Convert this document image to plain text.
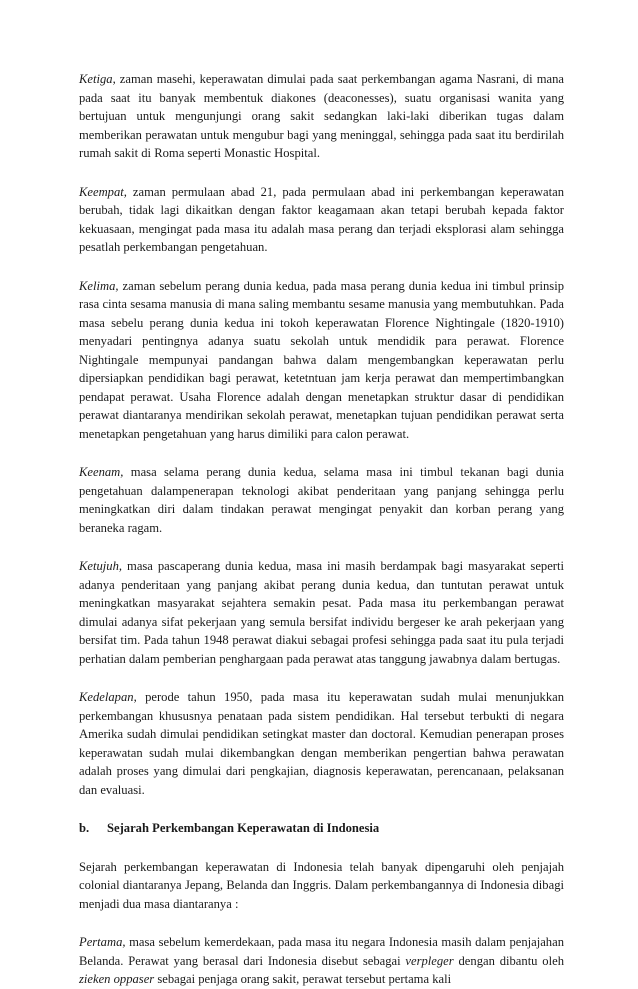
Ketiga, zaman masehi, keperawatan dimulai pada saat perkembangan agama Nasrani, di mana pada saat itu banyak membentuk diakones (deaconesses), suatu organisasi wanita yang bertujuan untuk mengunjungi orang sakit sedangkan laki-laki diberikan tugas dalam memberikan perawatan untuk mengubur bagi yang meninggal, sehingga pada saat itu berdirilah rumah sakit di Roma seperti Monastic Hospital.

Keempat, zaman permulaan abad 21, pada permulaan abad ini perkembangan keperawatan berubah, tidak lagi dikaitkan dengan faktor keagamaan akan tetapi berubah kepada faktor kekuasaan, mengingat pada masa itu adalah masa perang dan terjadi eksplorasi alam sehingga pesatlah perkembangan pengetahuan.

Kelima, zaman sebelum perang dunia kedua, pada masa perang dunia kedua ini timbul prinsip rasa cinta sesama manusia di mana saling membantu sesame manusia yang membutuhkan. Pada masa sebelu perang dunia kedua ini tokoh keperawatan Florence Nightingale (1820-1910) menyadari pentingnya adanya suatu sekolah untuk mendidik para perawat. Florence Nightingale mempunyai pandangan bahwa dalam mengembangkan keperawatan perlu dipersiapkan pendidikan bagi perawat, ketetntuan jam kerja perawat dan mempertimbangkan pendapat perawat. Usaha Florence adalah dengan menetapkan struktur dasar di pendidikan perawat diantaranya mendirikan sekolah perawat, menetapkan tujuan pendidikan perawat serta menetapkan pengetahuan yang harus dimiliki para calon perawat.

Keenam, masa selama perang dunia kedua, selama masa ini timbul tekanan bagi dunia pengetahuan dalampenerapan teknologi akibat penderitaan yang panjang sehingga perlu meningkatkan diri dalam tindakan perawat mengingat penyakit dan korban perang yang beraneka ragam.

Ketujuh, masa pascaperang dunia kedua, masa ini masih berdampak bagi masyarakat seperti adanya penderitaan yang panjang akibat perang dunia kedua, dan tuntutan perawat untuk meningkatkan masyarakat sejahtera semakin pesat. Pada masa itu perkembangan perawat dimulai adanya sifat pekerjaan yang semula bersifat individu bergeser ke arah pekerjaan yang bersifat tim. Pada tahun 1948 perawat diakui sebagai profesi sehingga pada saat itu pula terjadi perhatian dalam pemberian penghargaan pada perawat atas tanggung jawabnya dalam bertugas.

Kedelapan, perode tahun 1950, pada masa itu keperawatan sudah mulai menunjukkan perkembangan khususnya penataan pada sistem pendidikan. Hal tersebut terbukti di negara Amerika sudah dimulai pendidikan setingkat master dan doctoral. Kemudian penerapan proses keperawatan sudah mulai dikembangkan dengan memberikan pengertian bahwa perawatan adalah proses yang dimulai dari pengkajian, diagnosis keperawatan, perencanaan, pelaksanan dan evaluasi.

b. Sejarah Perkembangan Keperawatan di Indonesia

Sejarah perkembangan keperawatan di Indonesia telah banyak dipengaruhi oleh penjajah colonial diantaranya Jepang, Belanda dan Inggris. Dalam perkembangannya di Indonesia dibagi menjadi dua masa diantaranya :

Pertama, masa sebelum kemerdekaan, pada masa itu negara Indonesia masih dalam penjajahan Belanda. Perawat yang berasal dari Indonesia disebut sebagai verpleger dengan dibantu oleh zieken oppaser sebagai penjaga orang sakit, perawat tersebut pertama kali
